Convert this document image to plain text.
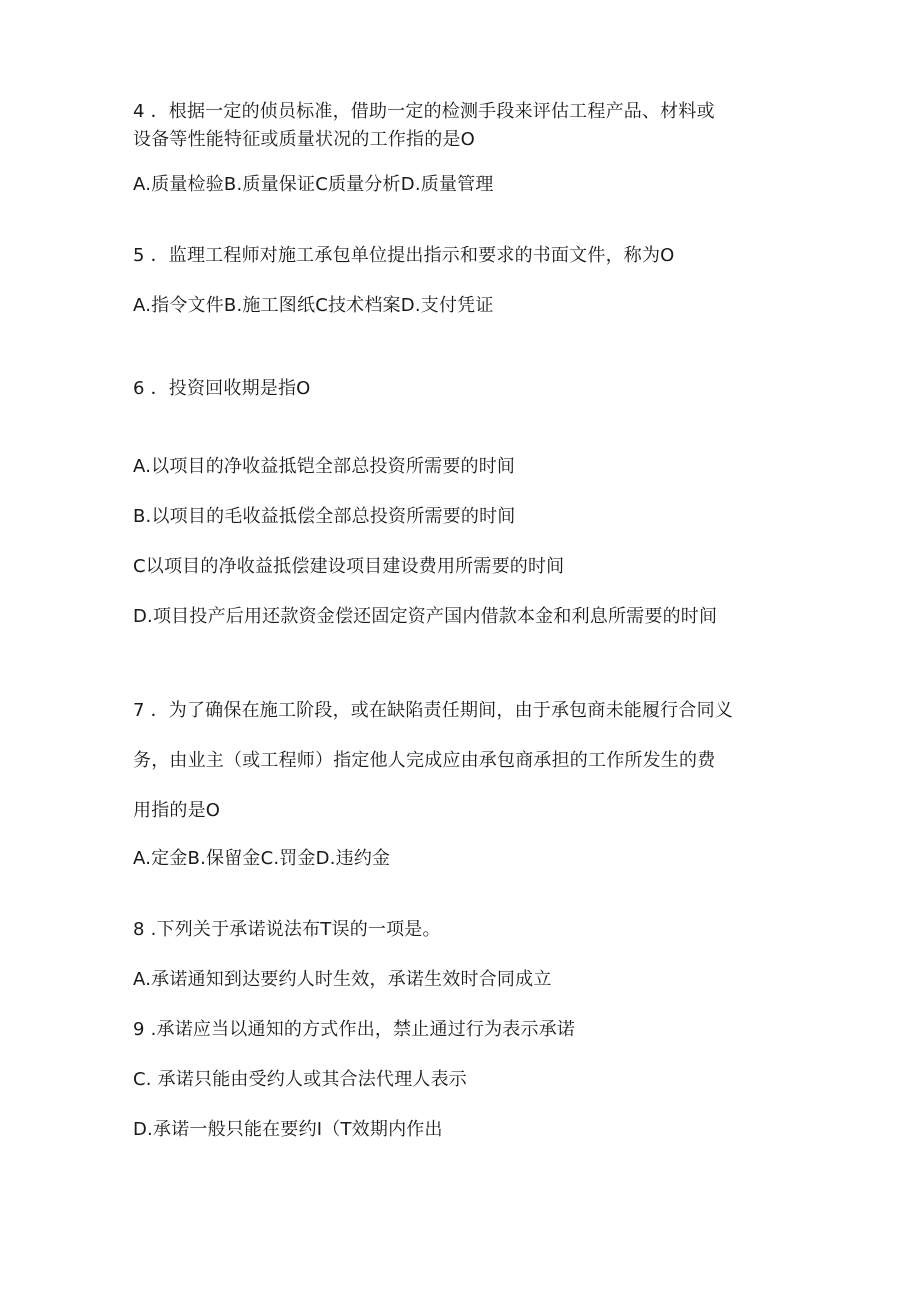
4 ．根据一定的侦员标准，借助一定的检测手段来评估工程产品、材料或
设备等性能特征或质量状况的工作指的是O
A.质量检验B.质量保证C质量分析D.质量管理
5 ．监理工程师对施工承包单位提出指示和要求的书面文件，称为O
A.指令文件B.施工图纸C技术档案D.支付凭证
6 ．投资回收期是指O
A.以项目的净收益抵铠全部总投资所需要的时间
B.以项目的毛收益抵偿全部总投资所需要的时间
C以项目的净收益抵偿建设项目建设费用所需要的时间
D.项目投产后用还款资金偿还固定资产国内借款本金和利息所需要的时间
7 ．为了确保在施工阶段，或在缺陷责任期间，由于承包商未能履行合同义
务，由业主（或工程师）指定他人完成应由承包商承担的工作所发生的费
用指的是O
A.定金B.保留金C.罚金D.违约金
8 .下列关于承诺说法布T误的一项是。
A.承诺通知到达要约人时生效，承诺生效时合同成立
9 .承诺应当以通知的方式作出，禁止通过行为表示承诺
C. 承诺只能由受约人或其合法代理人表示
D.承诺一般只能在要约I（T效期内作出
